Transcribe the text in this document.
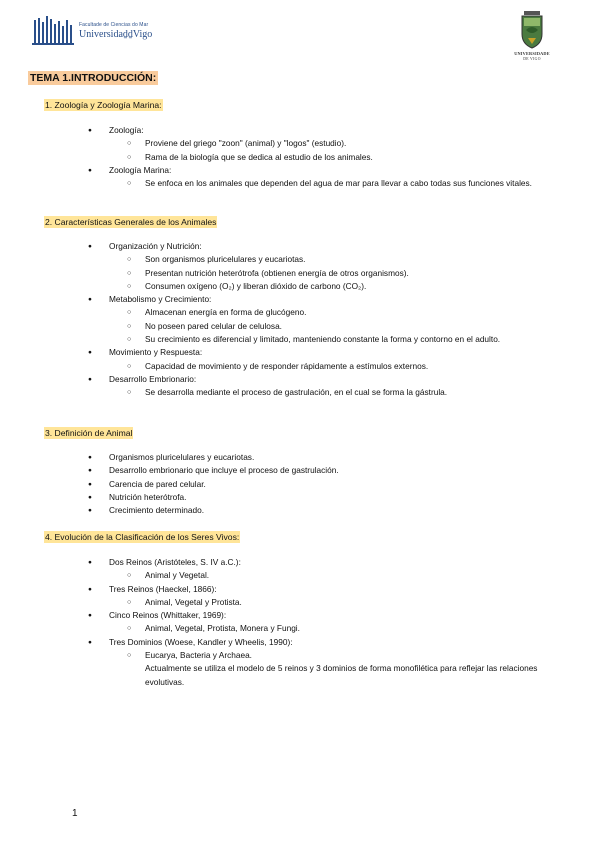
Facultade de Ciencias do Mar
UniversidaḏḏVigo
UNIVERSIDADE
DE VIGO
TEMA 1.INTRODUCCIÓN:
1. Zoología y Zoología Marina:
● Zoología:
○ Proviene del griego "zoon" (animal) y "logos" (estudio).
○ Rama de la biología que se dedica al estudio de los animales.
● Zoología Marina:
○ Se enfoca en los animales que dependen del agua de mar para llevar a cabo todas sus funciones vitales.
2. Características Generales de los Animales
● Organización y Nutrición:
○ Son organismos pluricelulares y eucariotas.
○ Presentan nutrición heterótrofa (obtienen energía de otros organismos).
○ Consumen oxígeno (O₂) y liberan dióxido de carbono (CO₂).
● Metabolismo y Crecimiento:
○ Almacenan energía en forma de glucógeno.
○ No poseen pared celular de celulosa.
○ Su crecimiento es diferencial y limitado, manteniendo constante la forma y contorno en el adulto.
● Movimiento y Respuesta:
○ Capacidad de movimiento y de responder rápidamente a estímulos externos.
● Desarrollo Embrionario:
○ Se desarrolla mediante el proceso de gastrulación, en el cual se forma la gástrula.
3. Definición de Animal
● Organismos pluricelulares y eucariotas.
● Desarrollo embrionario que incluye el proceso de gastrulación.
● Carencia de pared celular.
● Nutrición heterótrofa.
● Crecimiento determinado.
4. Evolución de la Clasificación de los Seres Vivos:
● Dos Reinos (Aristóteles, S. IV a.C.):
○ Animal y Vegetal.
● Tres Reinos (Haeckel, 1866):
○ Animal, Vegetal y Protista.
● Cinco Reinos (Whittaker, 1969):
○ Animal, Vegetal, Protista, Monera y Fungi.
● Tres Dominios (Woese, Kandler y Wheelis, 1990):
○ Eucarya, Bacteria y Archaea.
Actualmente se utiliza el modelo de 5 reinos y 3 dominios de forma monofilética para reflejar las relaciones evolutivas.
1
